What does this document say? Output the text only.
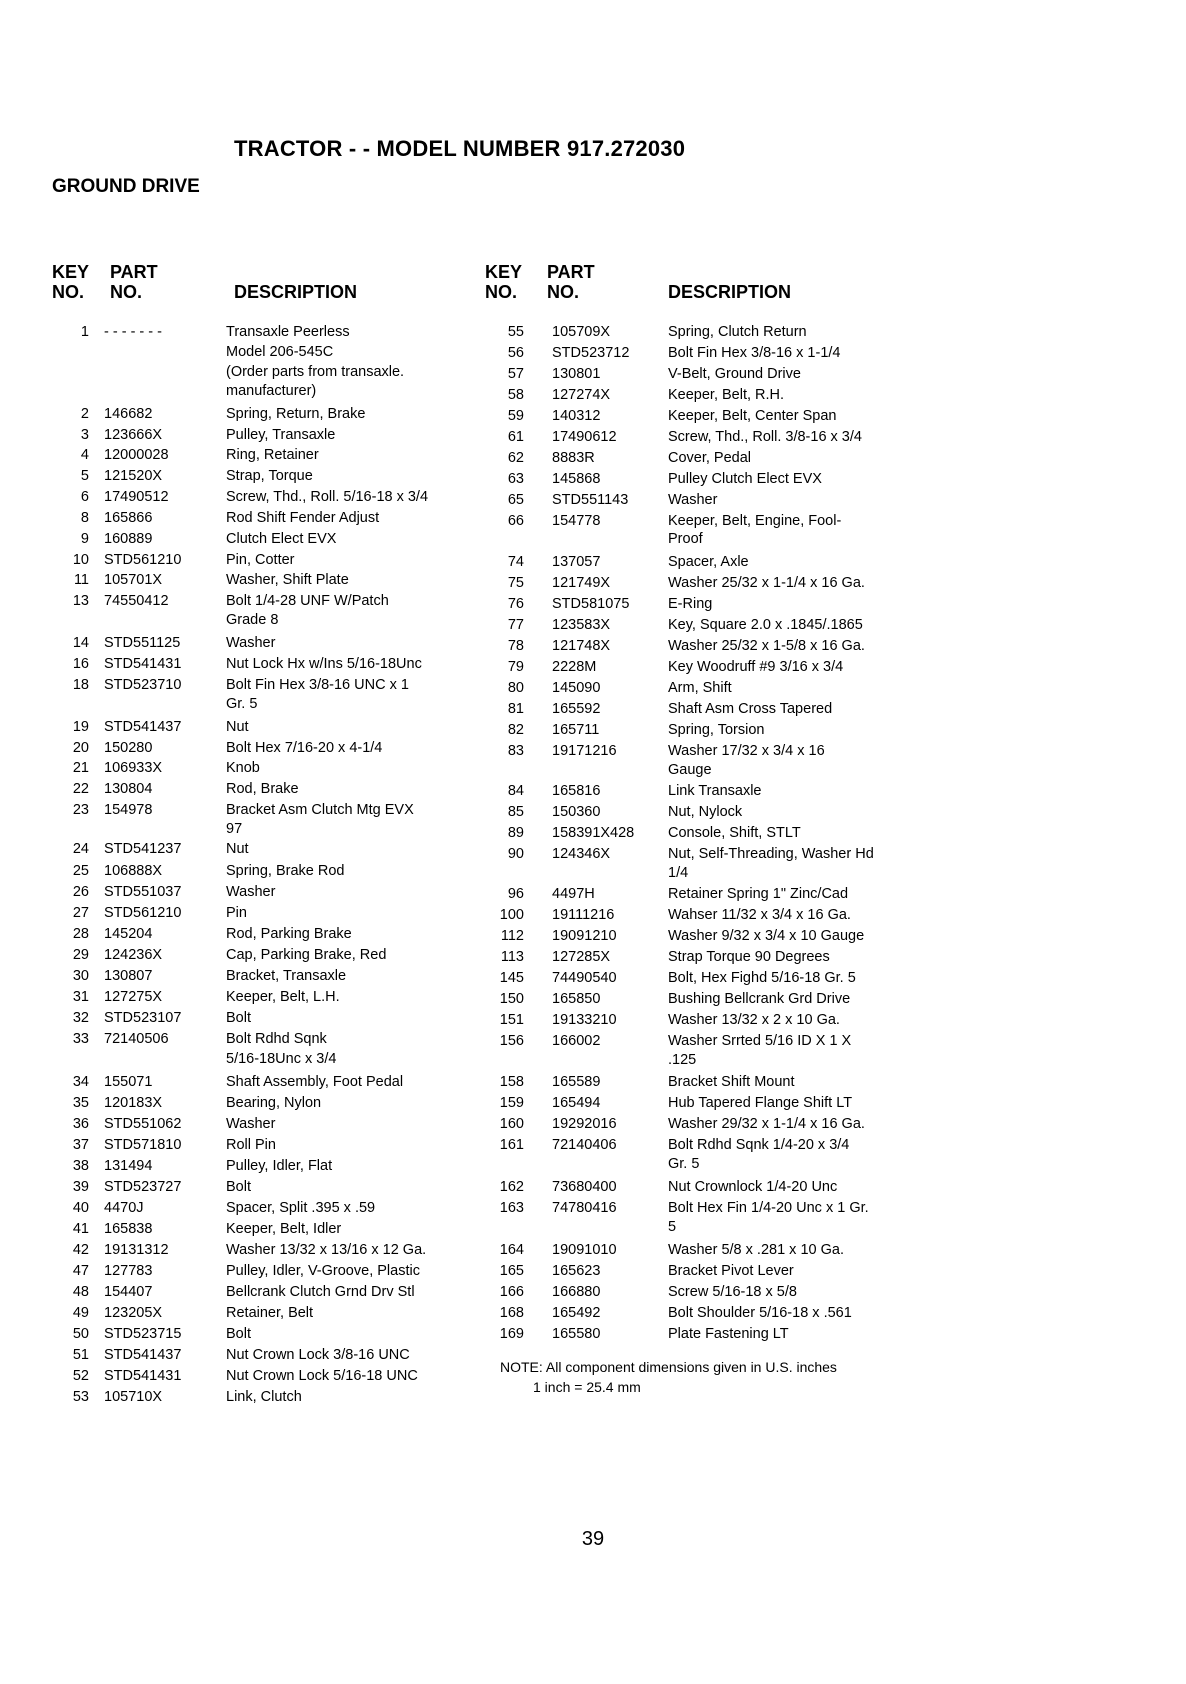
TRACTOR - - MODEL NUMBER 917.272030
GROUND DRIVE
KEY
NO.
PART
NO.	DESCRIPTION
KEY
NO.
PART
NO.	DESCRIPTION
1 - - - - - - -	Transaxle Peerless
Model 206-545C
(Order parts from transaxle.
manufacturer)
2 146682	Spring, Return, Brake
3 123666X	Pulley, Transaxle
4 12000028	Ring, Retainer
5 121520X	Strap, Torque
6 17490512	Screw, Thd., Roll. 5/16-18 x 3/4
8 165866	Rod Shift Fender Adjust
9 160889	Clutch Elect EVX
10 STD561210	Pin, Cotter
11 105701X	Washer, Shift Plate
13 74550412	Bolt 1/4-28 UNF W/Patch
Grade 8
14 STD551125	Washer
16 STD541431	Nut Lock Hx w/Ins 5/16-18Unc
18 STD523710	Bolt Fin Hex 3/8-16 UNC x 1
Gr. 5
19 STD541437	Nut
20 150280	Bolt Hex 7/16-20 x 4-1/4
21 106933X	Knob
22 130804	Rod, Brake
23 154978	Bracket Asm Clutch Mtg EVX
97
24 STD541237	Nut
25 106888X	Spring, Brake Rod
26 STD551037	Washer
27 STD561210	Pin
28 145204	Rod, Parking Brake
29 124236X	Cap, Parking Brake, Red
30 130807	Bracket, Transaxle
31 127275X	Keeper, Belt, L.H.
32 STD523107	Bolt
33 72140506	Bolt Rdhd Sqnk
5/16-18Unc x 3/4
34 155071	Shaft Assembly, Foot Pedal
35 120183X	Bearing, Nylon
36 STD551062	Washer
37 STD571810	Roll Pin
38 131494	Pulley, Idler, Flat
39 STD523727	Bolt
40 4470J	Spacer, Split .395 x .59
41 165838	Keeper, Belt, Idler
42 19131312	Washer 13/32 x 13/16 x 12 Ga.
47 127783	Pulley, Idler, V-Groove, Plastic
48 154407	Bellcrank Clutch Grnd Drv Stl
49 123205X	Retainer, Belt
50 STD523715	Bolt
51 STD541437	Nut Crown Lock 3/8-16 UNC
52 STD541431	Nut Crown Lock 5/16-18 UNC
53 105710X	Link, Clutch
55 105709X	Spring, Clutch Return
56 STD523712	Bolt Fin Hex 3/8-16 x 1-1/4
57 130801	V-Belt, Ground Drive
58 127274X	Keeper, Belt, R.H.
59 140312	Keeper, Belt, Center Span
61 17490612	Screw, Thd., Roll. 3/8-16 x 3/4
62 8883R	Cover, Pedal
63 145868	Pulley Clutch Elect EVX
65 STD551143	Washer
66 154778	Keeper, Belt, Engine, Fool-
Proof
74 137057	Spacer, Axle
75 121749X	Washer 25/32 x 1-1/4 x 16 Ga.
76 STD581075	E-Ring
77 123583X	Key, Square 2.0 x .1845/.1865
78 121748X	Washer 25/32 x 1-5/8 x 16 Ga.
79 2228M	Key Woodruff #9 3/16 x 3/4
80 145090	Arm, Shift
81 165592	Shaft Asm Cross Tapered
82 165711	Spring, Torsion
83 19171216	Washer 17/32 x 3/4 x 16
Gauge
84 165816	Link Transaxle
85 150360	Nut, Nylock
89 158391X428 Console, Shift, STLT
90 124346X	Nut, Self-Threading, Washer Hd
1/4
96 4497H	Retainer Spring 1" Zinc/Cad
100 19111216	Wahser 11/32 x 3/4 x 16 Ga.
112 19091210	Washer 9/32 x 3/4 x 10 Gauge
113 127285X	Strap Torque 90 Degrees
145 74490540	Bolt, Hex Fighd 5/16-18 Gr. 5
150 165850	Bushing Bellcrank Grd Drive
151 19133210	Washer 13/32 x 2 x 10 Ga.
156 166002	Washer Srrted 5/16 ID X 1 X
.125
158 165589	Bracket Shift Mount
159 165494	Hub Tapered Flange Shift LT
160 19292016	Washer 29/32 x 1-1/4 x 16 Ga.
161 72140406	Bolt Rdhd Sqnk 1/4-20 x 3/4
Gr. 5
162 73680400	Nut Crownlock 1/4-20 Unc
163 74780416	Bolt Hex Fin 1/4-20 Unc x 1 Gr.
5
164 19091010	Washer 5/8 x .281 x 10 Ga.
165 165623	Bracket Pivot Lever
166 166880	Screw 5/16-18 x 5/8
168 165492	Bolt Shoulder 5/16-18 x .561
169 165580	Plate Fastening LT
NOTE: All component dimensions given in U.S. inches
1 inch = 25.4 mm
39
